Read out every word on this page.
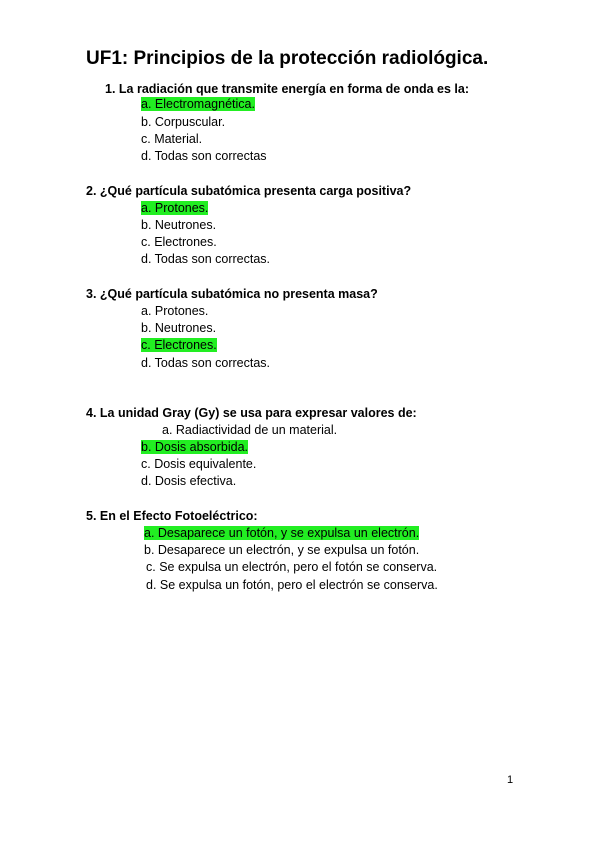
UF1: Principios de la protección radiológica.
1. La radiación que transmite energía en forma de onda es la:
a. Electromagnética.
b. Corpuscular.
c. Material.
d. Todas son correctas
2. ¿Qué partícula subatómica presenta carga positiva?
a. Protones.
b. Neutrones.
c. Electrones.
d. Todas son correctas.
3. ¿Qué partícula subatómica no presenta masa?
a. Protones.
b. Neutrones.
c. Electrones.
d. Todas son correctas.
4. La unidad Gray (Gy) se usa para expresar valores de:
a. Radiactividad de un material.
b. Dosis absorbida.
c. Dosis equivalente.
d. Dosis efectiva.
5. En el Efecto Fotoeléctrico:
a. Desaparece un fotón, y se expulsa un electrón.
b. Desaparece un electrón, y se expulsa un fotón.
c. Se expulsa un electrón, pero el fotón se conserva.
d. Se expulsa un fotón, pero el electrón se conserva.
1
